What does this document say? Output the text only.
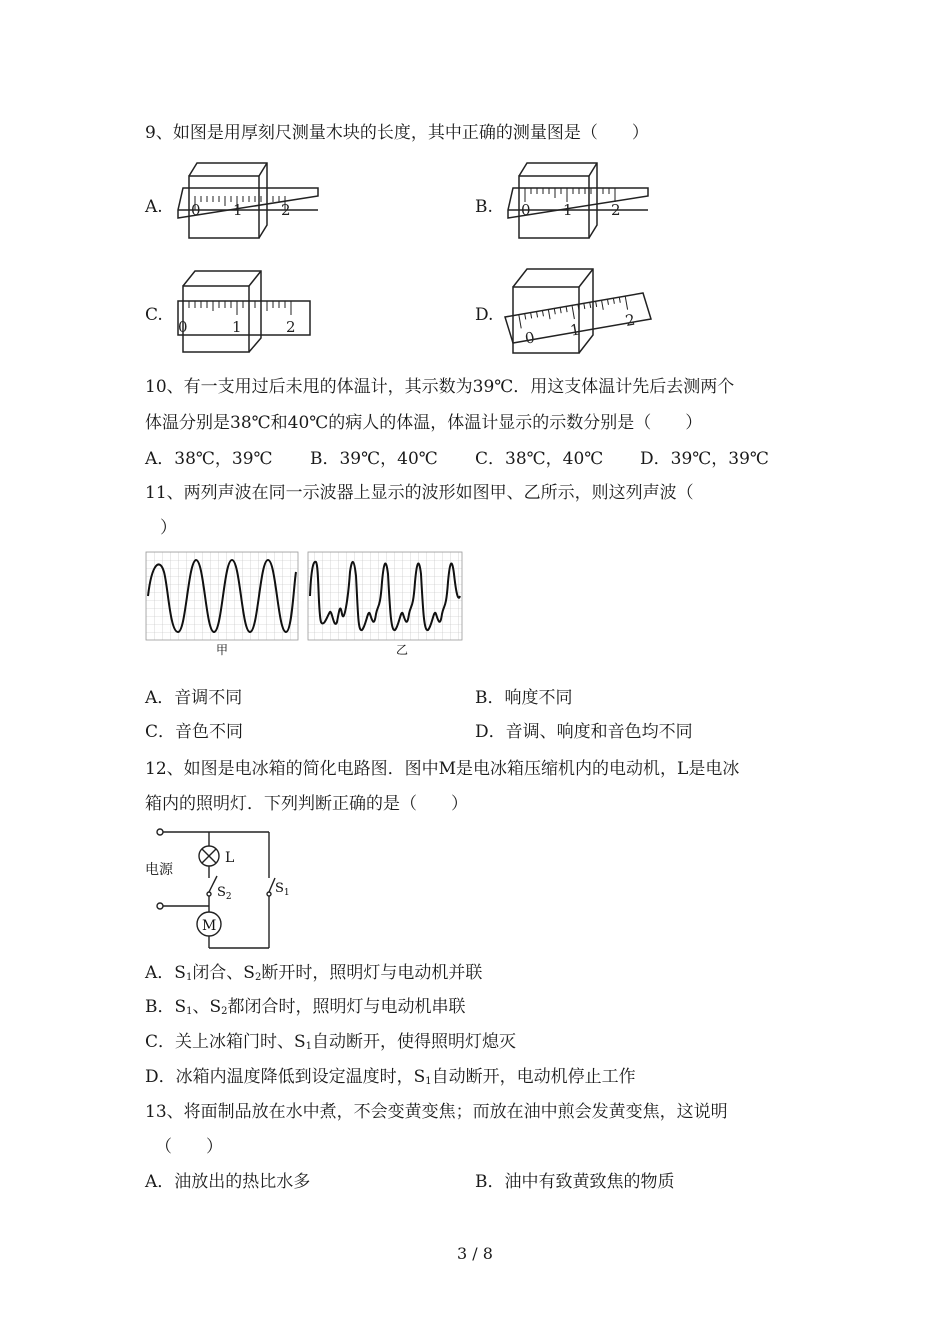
9、如图是用厚刻尺测量木块的长度，其中正确的测量图是（　　）
A.	B.
C.	D.
0 1	2	0 1	2
0	1	2
0 1
2
10、有一支用过后未甩的体温计，其示数为39℃．用这支体温计先后去测两个
体温分别是38℃和40℃的病人的体温，体温计显示的示数分别是（　　）
A．38℃，39℃ B．39℃，40℃ C．38℃，40℃ D．39℃，39℃
11、两列声波在同一示波器上显示的波形如图甲、乙所示，则这列声波（
）
甲	乙
A．音调不同	B．响度不同
C．音色不同	D．音调、响度和音色均不同
12、如图是电冰箱的简化电路图．图中M是电冰箱压缩机内的电动机，L是电冰
箱内的照明灯．下列判断正确的是（　　）
电源
L
M
$S_2$
$S_1$
A．$S_1$闭合、$S_2$断开时，照明灯与电动机并联
B．$S_1$、$S_2$都闭合时，照明灯与电动机串联
C．关上冰箱门时、$S_1$自动断开，使得照明灯熄灭
D．冰箱内温度降低到设定温度时，$S_1$自动断开，电动机停止工作
13、将面制品放在水中煮，不会变黄变焦；而放在油中煎会发黄变焦，这说明
（　　）
A．油放出的热比水多	B．油中有致黄致焦的物质
3 / 8
